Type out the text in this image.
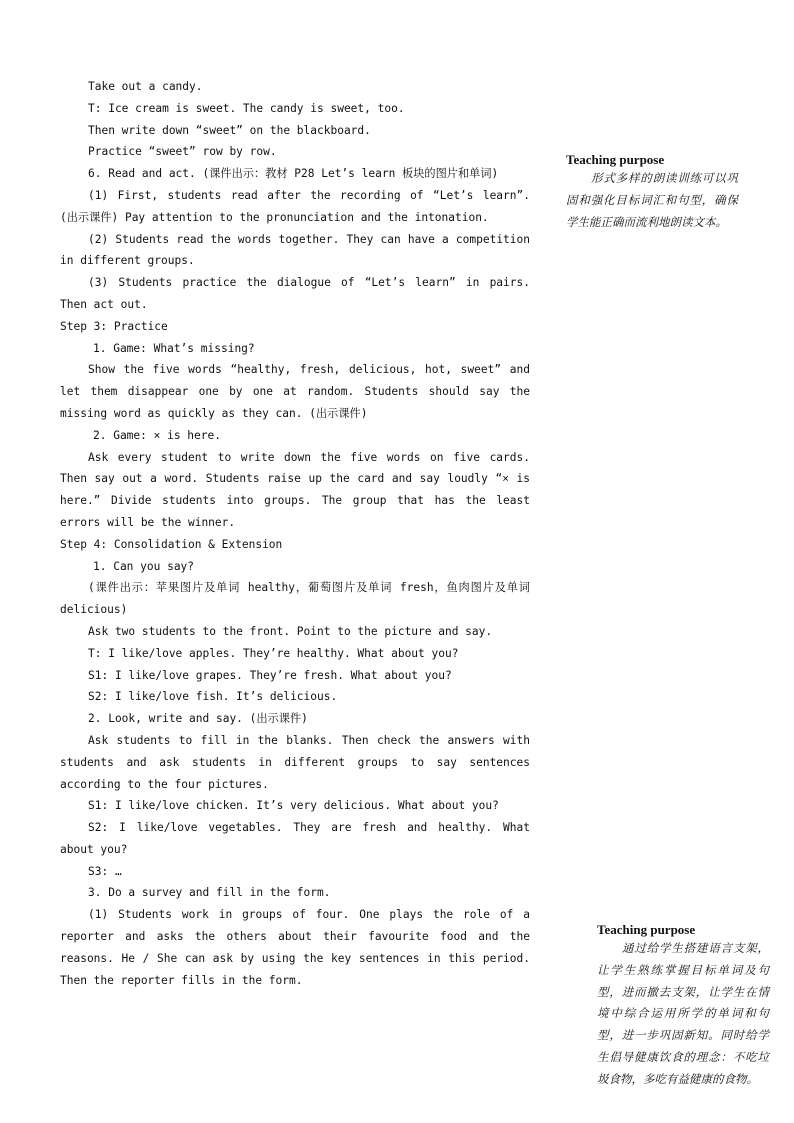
Take out a candy.

T: Ice cream is sweet. The candy is sweet, too.

Then write down “sweet” on the blackboard.

Practice “sweet” row by row.

6. Read and act. (课件出示：教材 P28 Let’s learn 板块的图片和单词)

(1) First, students read after the recording of “Let’s learn”. (出示课件) Pay attention to the pronunciation and the intonation.

(2) Students read the words together. They can have a competition in different groups.

(3) Students practice the dialogue of “Let’s learn” in pairs. Then act out.

Step 3: Practice

1. Game: What’s missing?

Show the five words “healthy, fresh, delicious, hot, sweet” and let them disappear one by one at random. Students should say the missing word as quickly as they can. (出示课件)

2. Game: × is here.

Ask every student to write down the five words on five cards. Then say out a word. Students raise up the card and say loudly “× is here.” Divide students into groups. The group that has the least errors will be the winner.

Step 4: Consolidation & Extension

1. Can you say?

(课件出示：苹果图片及单词 healthy，葡萄图片及单词 fresh，鱼肉图片及单词 delicious)

Ask two students to the front. Point to the picture and say.

T: I like/love apples. They’re healthy. What about you?

S1: I like/love grapes. They’re fresh. What about you?

S2: I like/love fish. It’s delicious.

2. Look, write and say. (出示课件)

Ask students to fill in the blanks. Then check the answers with students and ask students in different groups to say sentences according to the four pictures.

S1: I like/love chicken. It’s very delicious. What about you?

S2: I like/love vegetables. They are fresh and healthy. What about you?

S3: …

3. Do a survey and fill in the form.

(1) Students work in groups of four. One plays the role of a reporter and asks the others about their favourite food and the reasons. He / She can ask by using the key sentences in this period. Then the reporter fills in the form.

Teaching purpose

形式多样的朗读训练可以巩固和强化目标词汇和句型，确保学生能正确而流利地朗读文本。

Teaching purpose

通过给学生搭建语言支架，让学生熟练掌握目标单词及句型，进而撤去支架，让学生在情境中综合运用所学的单词和句型，进一步巩固新知。同时给学生倡导健康饮食的理念：不吃垃圾食物，多吃有益健康的食物。
